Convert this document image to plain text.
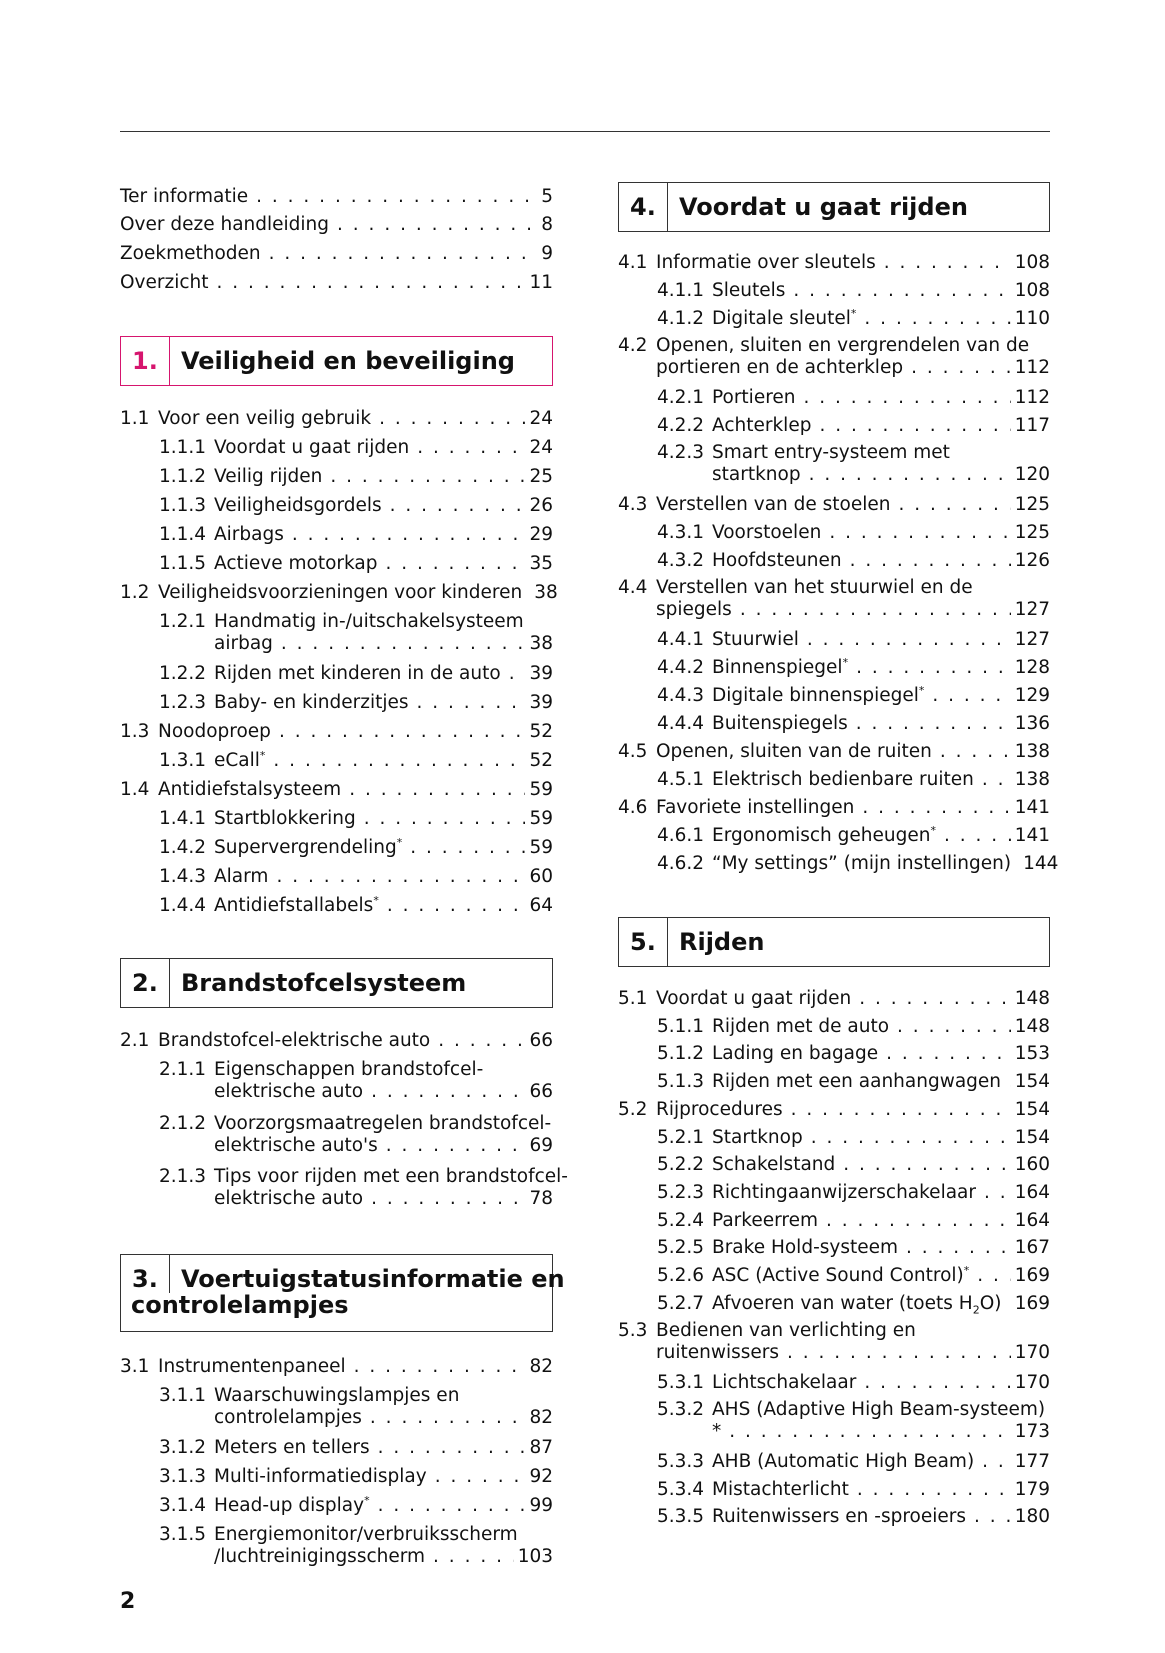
Ter informatie . . .	5
Over deze handleiding . . .	8
Zoekmethoden . . .	9
Overzicht . . .	11
1. Veiligheid en beveiliging
1.1 Voor een veilig gebruik . . .	24
1.1.1 Voordat u gaat rijden . . .	24
1.1.2 Veilig rijden . . .	25
1.1.3 Veiligheidsgordels . . .	26
1.1.4 Airbags . . .	29
1.1.5 Actieve motorkap . . .	35
1.2 Veiligheidsvoorzieningen voor kinderen . . . 38
1.2.1 Handmatig in-/uitschakelsysteem
airbag . . .	38
1.2.2 Rijden met kinderen in de auto . . . 39
1.2.3 Baby- en kinderzitjes . . .	39
1.3 Noodoproep . . .	52
1.3.1 eCall* . . .	52
1.4 Antidiefstalsysteem . . .	59
1.4.1 Startblokkering . . .	59
1.4.2 Supervergrendeling* . . .	59
1.4.3 Alarm . . .	60
1.4.4 Antidiefstallabels* . . .	64
2. Brandstofcelsysteem
2.1 Brandstofcel-elektrische auto . . .	66
2.1.1 Eigenschappen brandstofcel-
elektrische auto . . .	66
2.1.2 Voorzorgsmaatregelen brandstofcel-
elektrische auto's . . .	69
2.1.3 Tips voor rijden met een brandstofcel-
elektrische auto . . .	78
3. Voertuigstatusinformatie en
controlelampjes
3.1 Instrumentenpaneel . . .	82
3.1.1 Waarschuwingslampjes en
controlelampjes . . .	82
3.1.2 Meters en tellers . . .	87
3.1.3 Multi-informatiedisplay . . .	92
3.1.4 Head-up display* . . .	99
3.1.5 Energiemonitor/verbruiksscherm
/luchtreinigingsscherm . . .	103
4. Voordat u gaat rijden
4.1 Informatie over sleutels . . .	108
4.1.1 Sleutels . . .	108
4.1.2 Digitale sleutel* . . .	110
4.2 Openen, sluiten en vergrendelen van de
portieren en de achterklep . . .	112
4.2.1 Portieren . . .	112
4.2.2 Achterklep . . .	117
4.2.3 Smart entry-systeem met
startknop . . .	120
4.3 Verstellen van de stoelen . . .	125
4.3.1 Voorstoelen . . .	125
4.3.2 Hoofdsteunen . . .	126
4.4 Verstellen van het stuurwiel en de
spiegels . . .	127
4.4.1 Stuurwiel . . .	127
4.4.2 Binnenspiegel* . . .	128
4.4.3 Digitale binnenspiegel* . . .	129
4.4.4 Buitenspiegels . . .	136
4.5 Openen, sluiten van de ruiten . . .	138
4.5.1 Elektrisch bedienbare ruiten . . . 138
4.6 Favoriete instellingen . . .	141
4.6.1 Ergonomisch geheugen* . . .	141
4.6.2 “My settings” (mijn instellingen) . . . 144
5. Rijden
5.1 Voordat u gaat rijden . . .	148
5.1.1 Rijden met de auto . . .	148
5.1.2 Lading en bagage . . .	153
5.1.3 Rijden met een aanhangwagen . . . 154
5.2 Rijprocedures . . .	154
5.2.1 Startknop . . .	154
5.2.2 Schakelstand . . .	160
5.2.3 Richtingaanwijzerschakelaar . . . 164
5.2.4 Parkeerrem . . .	164
5.2.5 Brake Hold-systeem . . .	167
5.2.6 ASC (Active Sound Control)* . . . 169
5.2.7 Afvoeren van water (toets $H_2O$) . . . 169
5.3 Bedienen van verlichting en
ruitenwissers . . .	170
5.3.1 Lichtschakelaar . . .	170
5.3.2 AHS (Adaptive High Beam-systeem)
* . . .	173
5.3.3 AHB (Automatic High Beam) . . . 177
5.3.4 Mistachterlicht . . .	179
5.3.5 Ruitenwissers en -sproeiers . . .	180
2
